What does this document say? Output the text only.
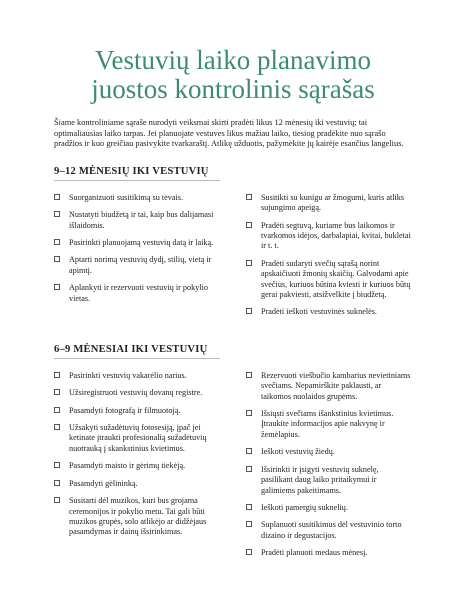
Vestuvių laiko planavimo juostos kontrolinis sąrašas

Šiame kontroliniame sąraše nurodyti veiksmai skirti pradėti likus 12 mėnesių iki vestuvių; tai optimaliausias laiko tarpas. Jei planuojate vestuves likus mažiau laiko, tiesiog pradėkite nuo sąrašo pradžios ir kuo greičiau pasivykite tvarkaraštį. Atlikę užduotis, pažymėkite jų kairėje esančius langelius.

9–12 MĖNESIŲ IKI VESTUVIŲ
Suorganizuoti susitikimą su tėvais.
Nustatyti biudžetą ir tai, kaip bus dalijamasi išlaidomis.
Pasirinkti planuojamą vestuvių datą ir laiką.
Aptarti norimą vestuvių dydį, stilių, vietą ir apimtį.
Aplankyti ir rezervuoti vestuvių ir pokylio vietas.
Susitikti su kunigu ar žmogumi, kuris atliks sujungimo apeigą.
Pradėti segtuvą, kuriame bus laikomos ir tvarkomos idėjos, darbalapiai, kvitai, bukletai ir t. t.
Pradėti sudaryti svečių sąrašą norint apskaičiuoti žmonių skaičių. Galvodami apie svečius, kuriuos būtina kviesti ir kuriuos būtų gerai pakviesti, atsižvelkite į biudžetą.
Pradėti ieškoti vestuvinės suknelės.
6–9 MĖNESIAI IKI VESTUVIŲ
Pasirinkti vestuvių vakarėlio narius.
Užsiregistruoti vestuvių dovanų registre.
Pasamdyti fotografą ir filmuotoją.
Užsakyti sužadėtuvių fotosesiją, įpač jei ketinate įtraukti profesionalią sužadėtuvių nuotrauką į skankstinius kvietimus.
Pasamdyti maisto ir gėrimų tiekėją.
Pasamdyti gėlininką.
Susitarti dėl muzikos, kuri bus grojama ceremonijos ir pokylio metu. Tai gali būti muzikos grupės, solo atlikėjo ar didžėjaus pasamdymas ir dainų išsirinkimas.
Rezervuoti viešbučio kambarius nevietiniams svečiams. Nepamirškite paklausti, ar taikomos nuolaidos grupėms.
Išsiųsti svečiams išankstinius kvietimus. Įtraukite informacijos apie nakvynę ir žemėlapius.
Ieškoti vestuvių žiedų.
Išsirinkti ir įsigyti vestuvių suknelę, pasilikant daug laiko pritaikymui ir galimiems pakeitimams.
Ieškoti pamergių suknelių.
Suplanuoti susitikimus dėl vestuvinio torto dizaino ir degustacijos.
Pradėti planuoti medaus mėnesį.
